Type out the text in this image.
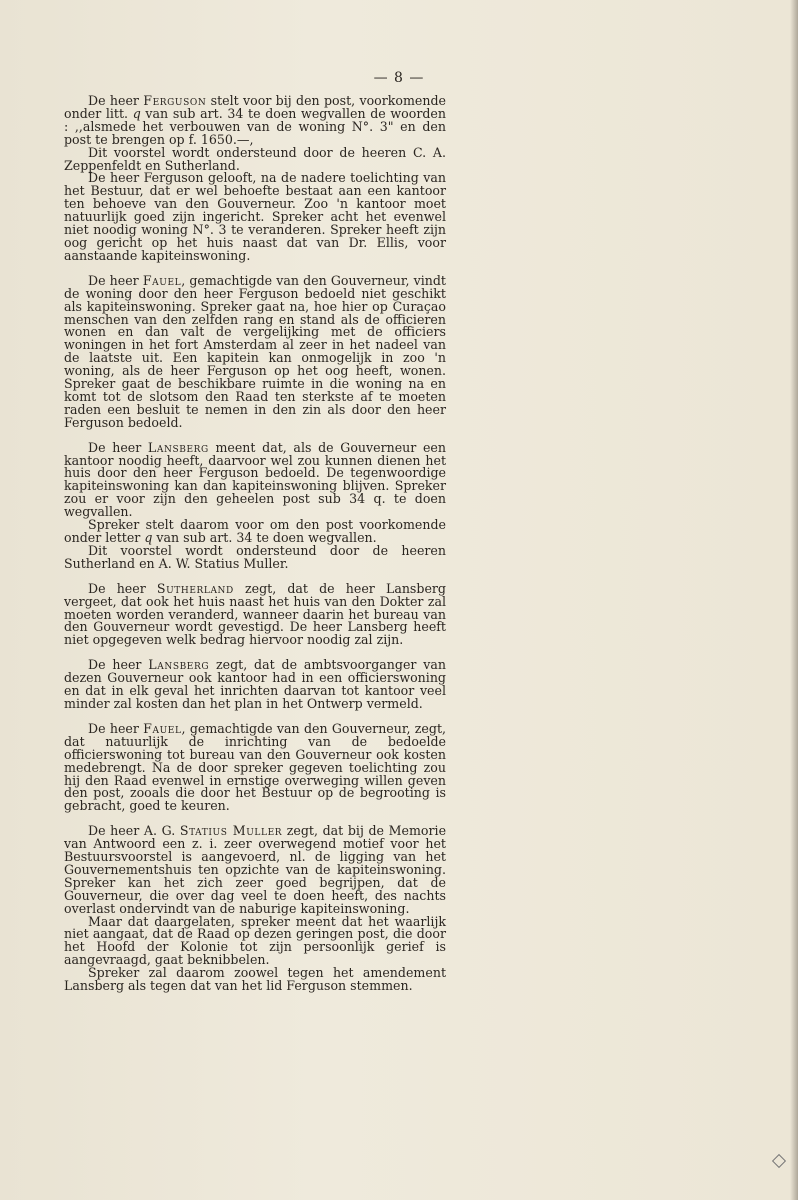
— 8 —

De heer Ferguson stelt voor bij den post, voorkomende onder litt. q van sub art. 34 te doen wegvallen de woorden : ,,alsmede het verbouwen van de woning N°. 3" en den post te brengen op f. 1650.—,

Dit voorstel wordt ondersteund door de heeren C. A. Zeppenfeldt en Sutherland.

De heer Ferguson gelooft, na de nadere toelichting van het Bestuur, dat er wel behoefte bestaat aan een kantoor ten behoeve van den Gouverneur. Zoo 'n kantoor moet natuurlijk goed zijn ingericht. Spreker acht het evenwel niet noodig woning N°. 3 te veranderen. Spreker heeft zijn oog gericht op het huis naast dat van Dr. Ellis, voor aanstaande kapiteinswoning.

De heer Fauel, gemachtigde van den Gouverneur, vindt de woning door den heer Ferguson bedoeld niet geschikt als kapiteinswoning. Spreker gaat na, hoe hier op Curaçao menschen van den zelfden rang en stand als de officieren wonen en dan valt de vergelijking met de officiers woningen in het fort Amsterdam al zeer in het nadeel van de laatste uit. Een kapitein kan onmogelijk in zoo 'n woning, als de heer Ferguson op het oog heeft, wonen. Spreker gaat de beschikbare ruimte in die woning na en komt tot de slotsom den Raad ten sterkste af te moeten raden een besluit te nemen in den zin als door den heer Ferguson bedoeld.

De heer Lansberg meent dat, als de Gouverneur een kantoor noodig heeft, daarvoor wel zou kunnen dienen het huis door den heer Ferguson bedoeld. De tegenwoordige kapiteinswoning kan dan kapiteinswoning blijven. Spreker zou er voor zijn den geheelen post sub 34 q. te doen wegvallen.

Spreker stelt daarom voor om den post voorkomende onder letter q van sub art. 34 te doen wegvallen.

Dit voorstel wordt ondersteund door de heeren Sutherland en A. W. Statius Muller.

De heer Sutherland zegt, dat de heer Lansberg vergeet, dat ook het huis naast het huis van den Dokter zal moeten worden veranderd, wanneer daarin het bureau van den Gouverneur wordt gevestigd. De heer Lansberg heeft niet opgegeven welk bedrag hiervoor noodig zal zijn.

De heer Lansberg zegt, dat de ambtsvoorganger van dezen Gouverneur ook kantoor had in een officierswoning en dat in elk geval het inrichten daarvan tot kantoor veel minder zal kosten dan het plan in het Ontwerp vermeld.

De heer Fauel, gemachtigde van den Gouverneur, zegt, dat natuurlijk de inrichting van de bedoelde officierswoning tot bureau van den Gouverneur ook kosten medebrengt. Na de door spreker gegeven toelichting zou hij den Raad evenwel in ernstige overweging willen geven den post, zooals die door het Bestuur op de begrooting is gebracht, goed te keuren.

De heer A. G. Statius Muller zegt, dat bij de Memorie van Antwoord een z. i. zeer overwegend motief voor het Bestuursvoorstel is aangevoerd, nl. de ligging van het Gouvernementshuis ten opzichte van de kapiteinswoning. Spreker kan het zich zeer goed begrijpen, dat de Gouverneur, die over dag veel te doen heeft, des nachts overlast ondervindt van de naburige kapiteinswoning.

Maar dat daargelaten, spreker meent dat het waarlijk niet aangaat, dat de Raad op dezen geringen post, die door het Hoofd der Kolonie tot zijn persoonlijk gerief is aangevraagd, gaat beknibbelen.

Spreker zal daarom zoowel tegen het amendement Lansberg als tegen dat van het lid Ferguson stemmen.
